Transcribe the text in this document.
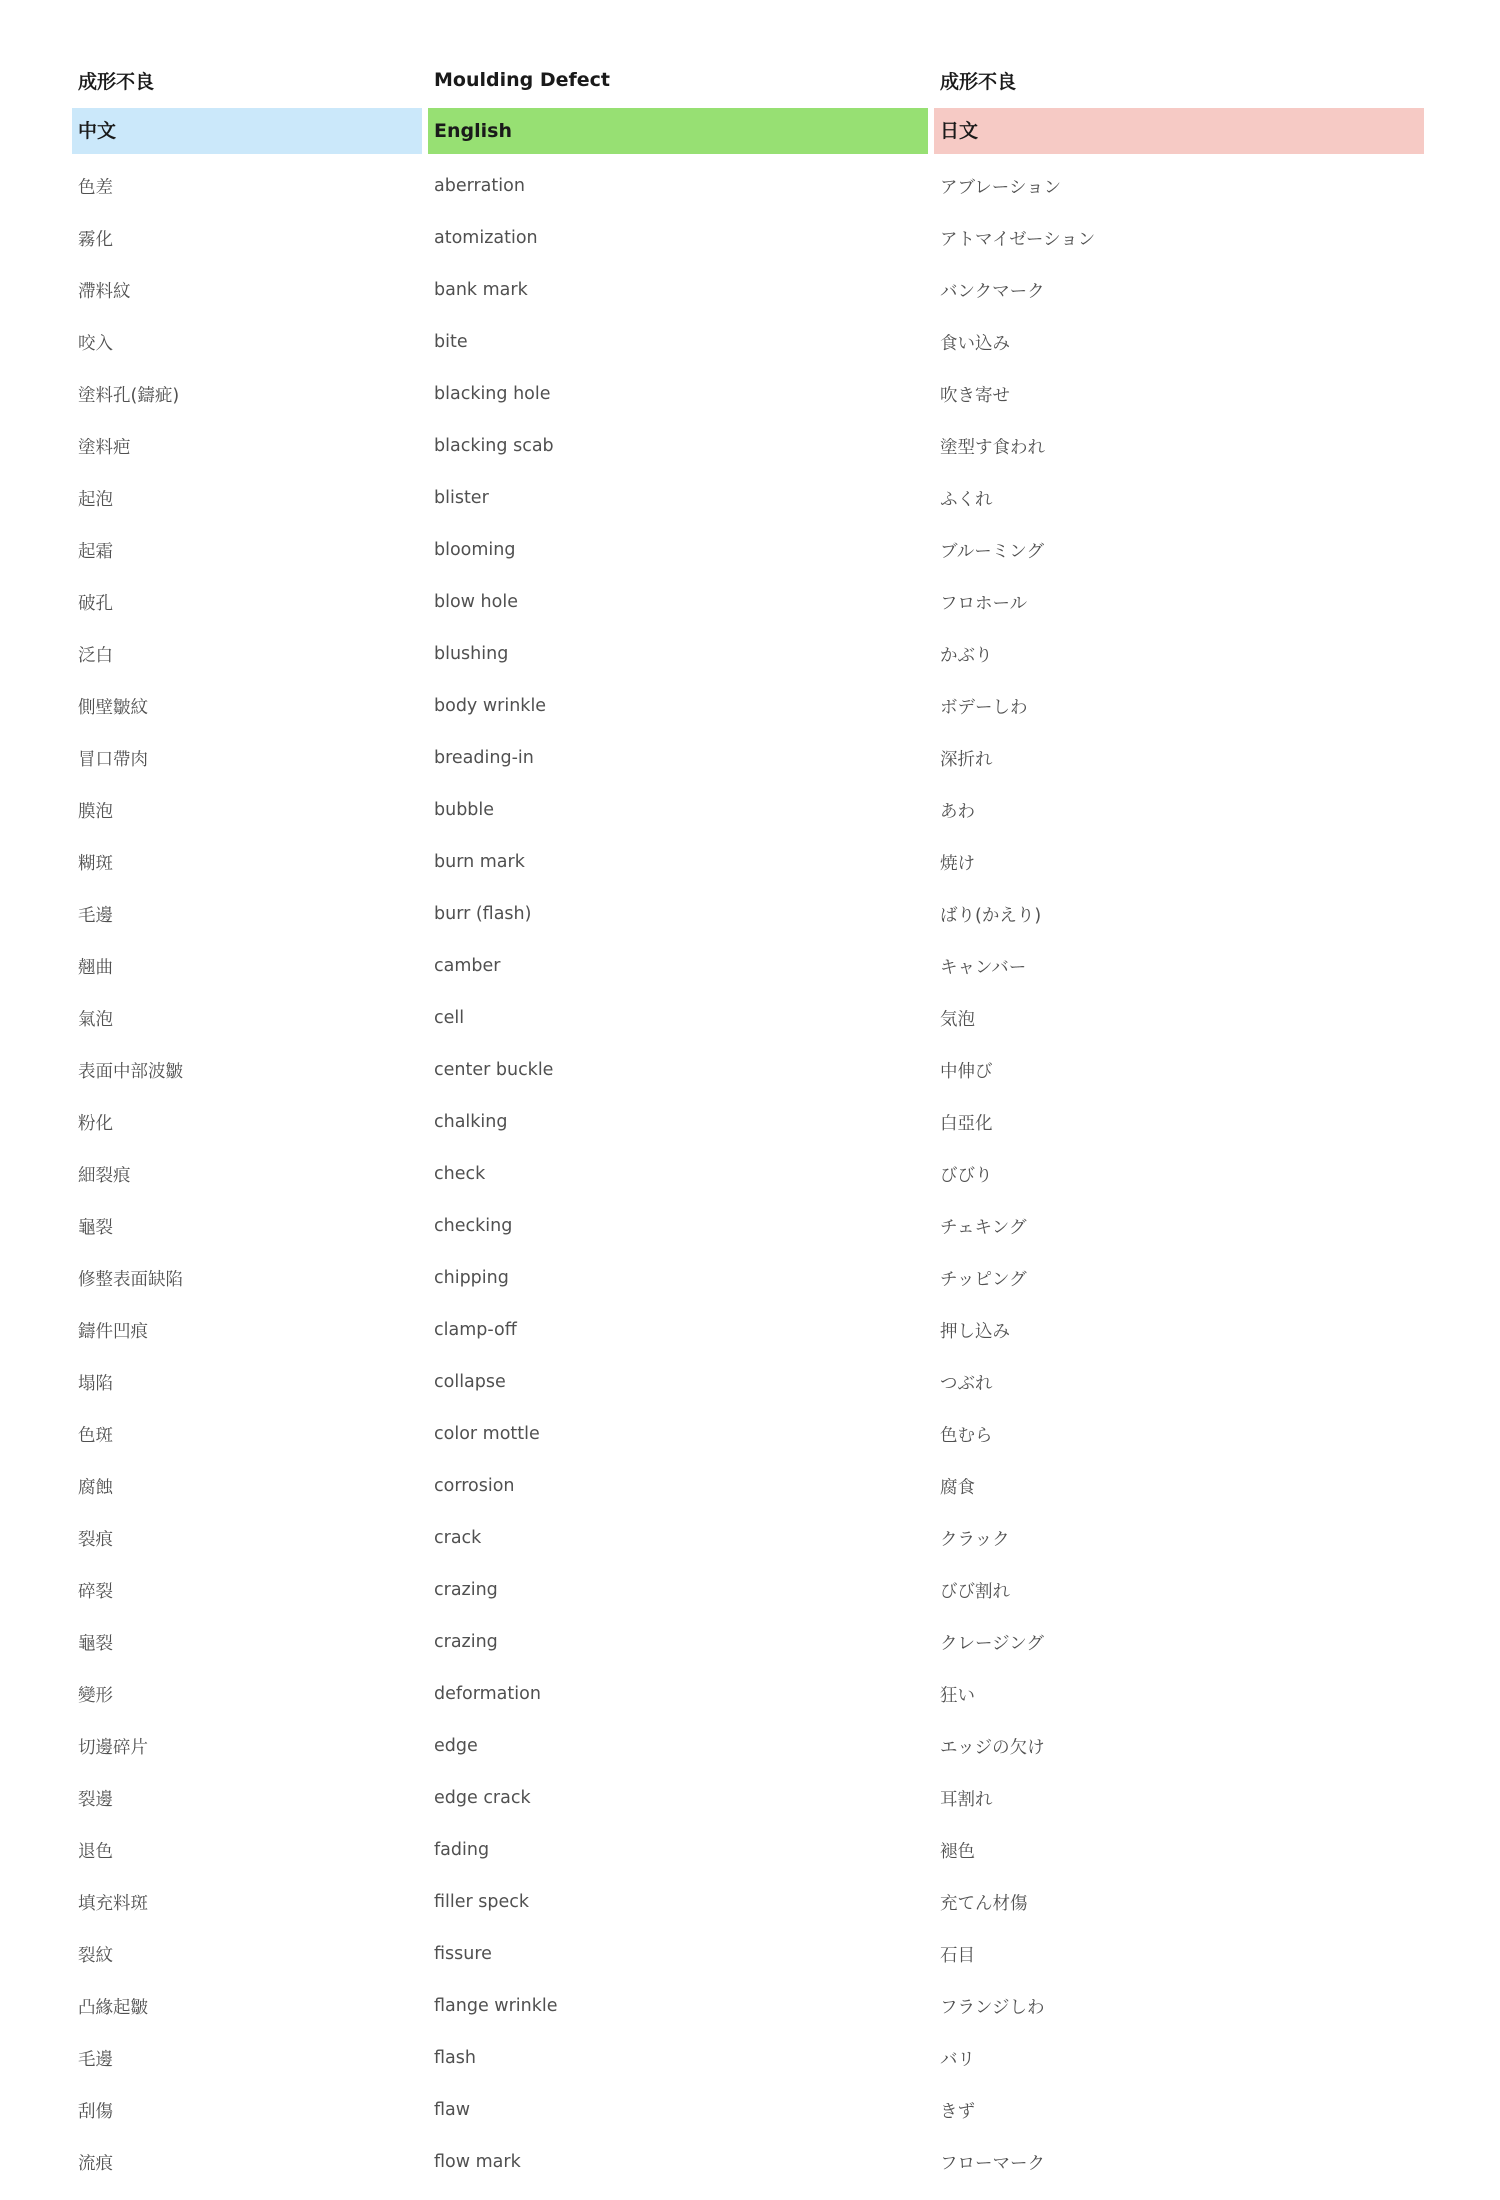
成形不良	Moulding Defect	成形不良
中文	English	日文
色差	aberration	アブレーション
霧化	atomization	アトマイゼーション
滯料紋	bank mark	バンクマーク
咬入	bite	食い込み
塗料孔(鑄疵)	blacking hole	吹き寄せ
塗料疤	blacking scab	塗型す食われ
起泡	blister	ふくれ
起霜	blooming	ブルーミング
破孔	blow hole	フロホール
泛白	blushing	かぶり
側壁皺紋	body wrinkle	ボデーしわ
冒口帶肉	breading-in	深折れ
膜泡	bubble	あわ
糊斑	burn mark	焼け
毛邊	burr (flash)	ばり(かえり)
翹曲	camber	キャンバー
氣泡	cell	気泡
表面中部波皺	center buckle	中伸び
粉化	chalking	白亞化
細裂痕	check	びびり
龜裂	checking	チェキング
修整表面缺陷	chipping	チッピング
鑄件凹痕	clamp-off	押し込み
塌陷	collapse	つぶれ
色斑	color mottle	色むら
腐蝕	corrosion	腐食
裂痕	crack	クラック
碎裂	crazing	びび割れ
龜裂	crazing	クレージング
變形	deformation	狂い
切邊碎片	edge	エッジの欠け
裂邊	edge crack	耳割れ
退色	fading	褪色
填充料斑	filler speck	充てん材傷
裂紋	fissure	石目
凸緣起皺	flange wrinkle	フランジしわ
毛邊	flash	バリ
刮傷	flaw	きず
流痕	flow mark	フローマーク
